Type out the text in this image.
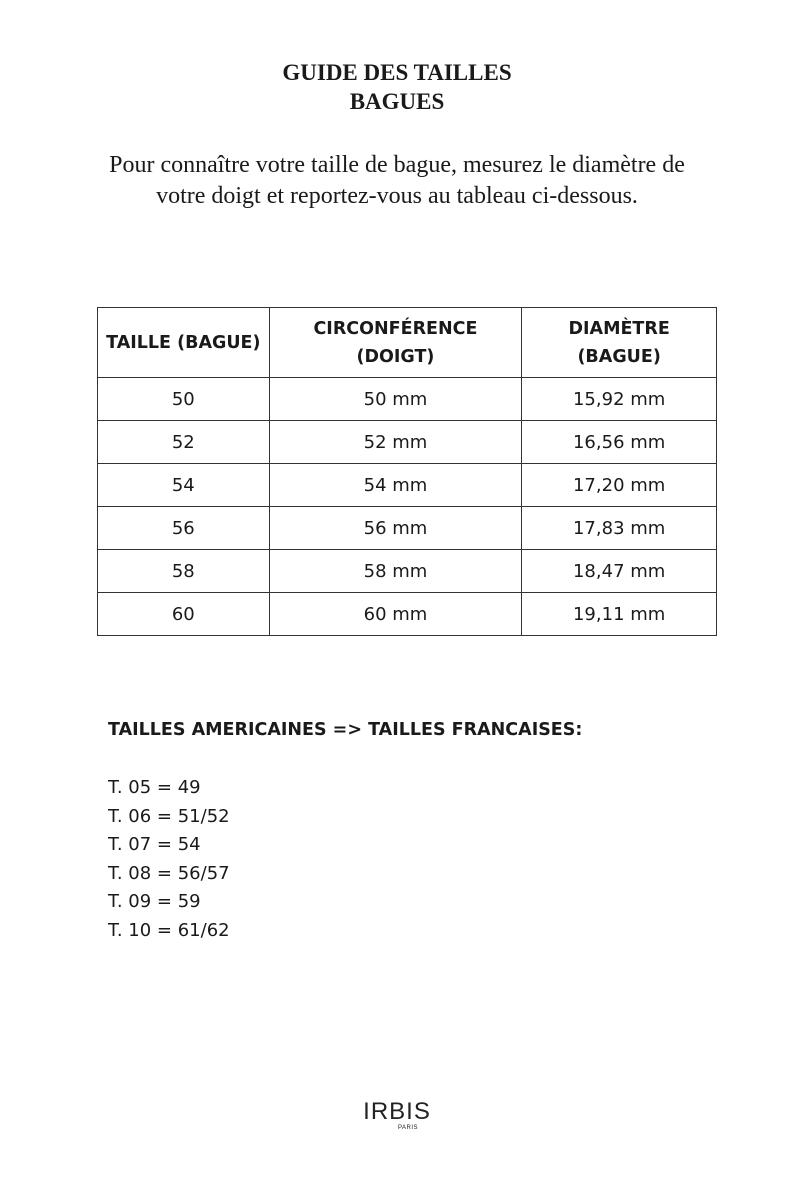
GUIDE DES TAILLES
BAGUES
Pour connaître votre taille de bague, mesurez le diamètre de votre doigt et reportez-vous au tableau ci-dessous.
TAILLE (BAGUE)	CIRCONFÉRENCE (DOIGT)	DIAMÈTRE (BAGUE)
50	50 mm	15,92 mm
52	52 mm	16,56 mm
54	54 mm	17,20 mm
56	56 mm	17,83 mm
58	58 mm	18,47 mm
60	60 mm	19,11 mm
TAILLES AMERICAINES => TAILLES FRANCAISES:
T. 05 = 49
T. 06 = 51/52
T. 07 = 54
T. 08 = 56/57
T. 09 = 59
T. 10 = 61/62
IRBIS
PARIS
